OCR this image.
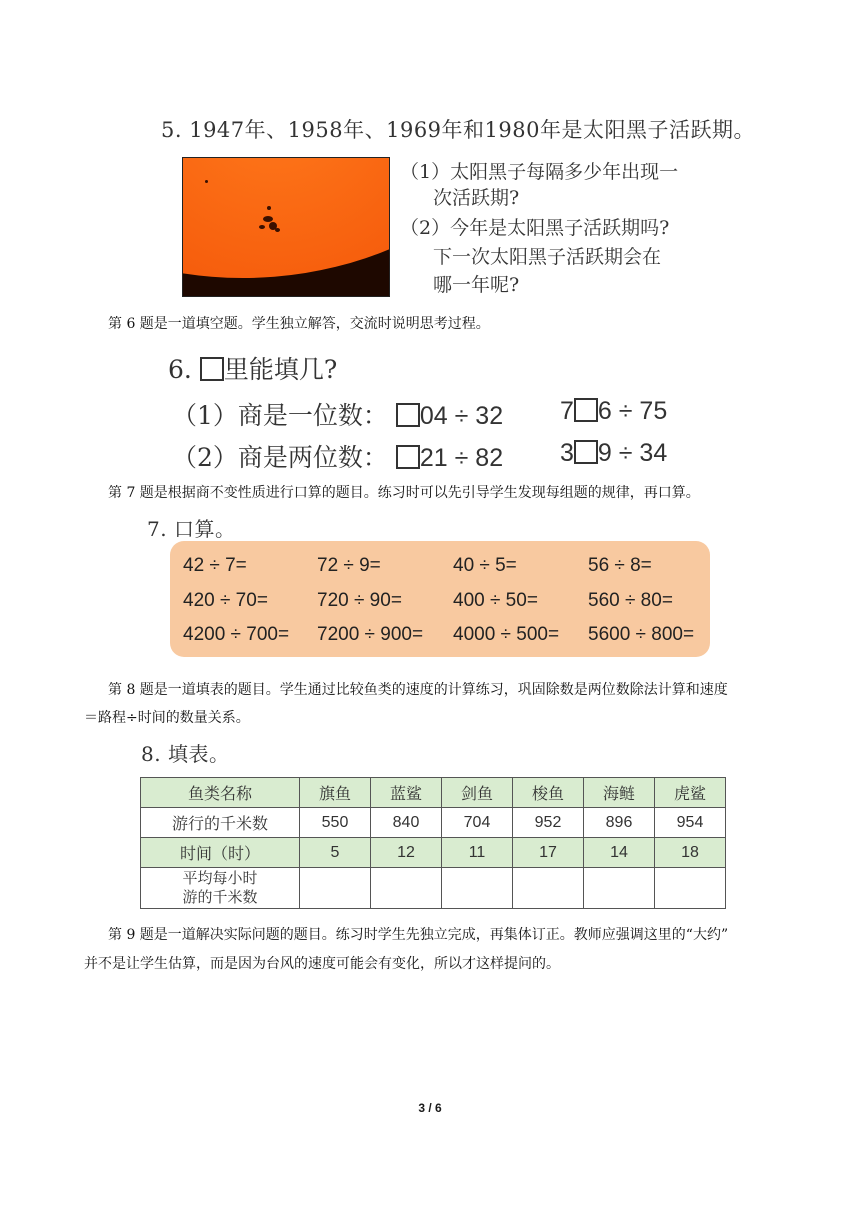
5. 1947年、1958年、1969年和1980年是太阳黑子活跃期。
（1）太阳黑子每隔多少年出现一
次活跃期?
（2）今年是太阳黑子活跃期吗?
下一次太阳黑子活跃期会在
哪一年呢?
第 6 题是一道填空题。学生独立解答，交流时说明思考过程。
6. 里能填几?
（1）商是一位数： 04 ÷ 32 7 6 ÷ 75
（2）商是两位数： 21 ÷ 82 3 9 ÷ 34
第 7 题是根据商不变性质进行口算的题目。练习时可以先引导学生发现每组题的规律，再口算。
7. 口算。
42 ÷ 7=	72 ÷ 9=	40 ÷ 5=	56 ÷ 8=
420 ÷ 70=	720 ÷ 90=	400 ÷ 50=	560 ÷ 80=
4200 ÷ 700= 7200 ÷ 900= 4000 ÷ 500= 5600 ÷ 800=
第 8 题是一道填表的题目。学生通过比较鱼类的速度的计算练习，巩固除数是两位数除法计算和速度
＝路程÷时间的数量关系。
8. 填表。
鱼类名称	旗鱼	蓝鲨	剑鱼	梭鱼	海鲢	虎鲨
游行的千米数	550	840	704	952	896	954
时间（时）	5	12	11	17	14	18

平均每小时
游的千米数						

第 9 题是一道解决实际问题的题目。练习时学生先独立完成，再集体订正。教师应强调这里的“大约”
并不是让学生估算，而是因为台风的速度可能会有变化，所以才这样提问的。
3 / 6
